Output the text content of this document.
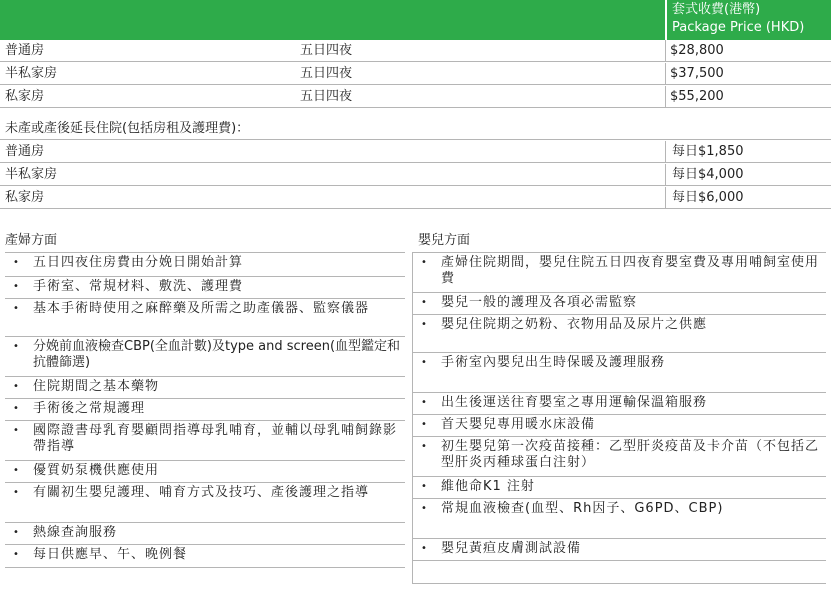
套式收費(港幣)
Package Price (HKD)
普通房	五日四夜	$28,800
半私家房	五日四夜	$37,500
私家房	五日四夜	$55,200
未產或產後延長住院(包括房租及護理費)：
普通房	每日$1,850
半私家房	每日$4,000
私家房	每日$6,000
產婦方面	嬰兒方面
• 五日四夜住房費由分娩日開始計算
• 手術室、常規材料、敷洗、護理費
• 基本手術時使用之麻醉藥及所需之助產儀器、監察儀器
• 分娩前血液檢查CBP(全血計數)及type and screen(血型鑑定和抗體篩選)
• 住院期間之基本藥物
• 手術後之常規護理
• 國際證書母乳育嬰顧問指導母乳哺育，並輔以母乳哺飼錄影帶指導
• 優質奶泵機供應使用
• 有關初生嬰兒護理、哺育方式及技巧、產後護理之指導
• 熱線查詢服務
• 每日供應早、午、晚例餐
• 產婦住院期間，嬰兒住院五日四夜育嬰室費及專用哺飼室使用費
• 嬰兒一般的護理及各項必需監察
• 嬰兒住院期之奶粉、衣物用品及尿片之供應
• 手術室內嬰兒出生時保暖及護理服務
• 出生後運送往育嬰室之專用運輸保溫箱服務
• 首天嬰兒專用暖水床設備
• 初生嬰兒第一次疫苗接種：乙型肝炎疫苗及卡介苗（不包括乙型肝炎丙種球蛋白注射）
• 維他命K1 注射
• 常規血液檢查(血型、Rh因子、G6PD、CBP)
• 嬰兒黃疸皮膚測試設備
